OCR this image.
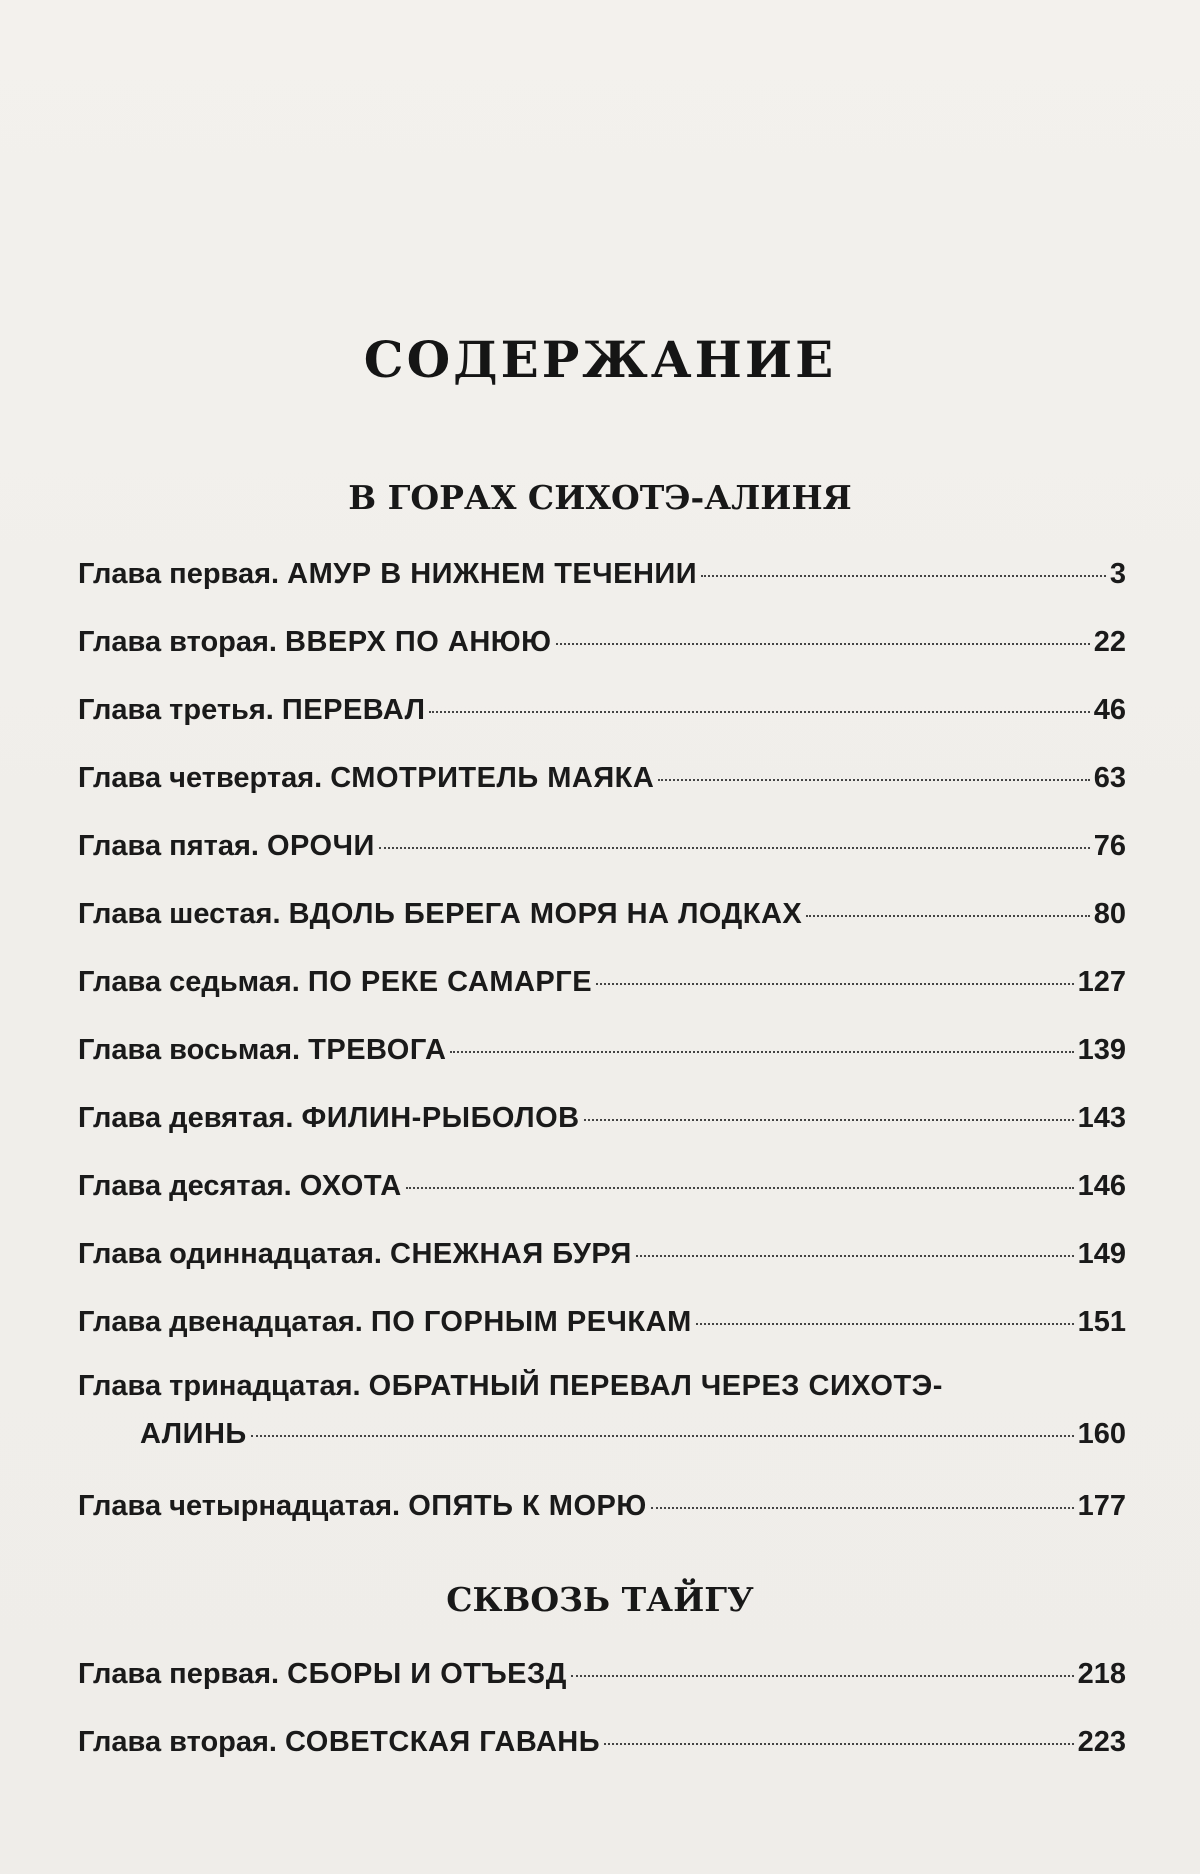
СОДЕРЖАНИЕ
В ГОРАХ СИХОТЭ-АЛИНЯ
Глава первая. АМУР В НИЖНЕМ ТЕЧЕНИИ	3
Глава вторая. ВВЕРХ ПО АНЮЮ	22
Глава третья. ПЕРЕВАЛ	46
Глава четвертая. СМОТРИТЕЛЬ МАЯКА	63
Глава пятая. ОРОЧИ	76
Глава шестая. ВДОЛЬ БЕРЕГА МОРЯ НА ЛОДКАХ	80
Глава седьмая. ПО РЕКЕ САМАРГЕ	127
Глава восьмая. ТРЕВОГА	139
Глава девятая. ФИЛИН-РЫБОЛОВ	143
Глава десятая. ОХОТА	146
Глава одиннадцатая. СНЕЖНАЯ БУРЯ	149
Глава двенадцатая. ПО ГОРНЫМ РЕЧКАМ	151
Глава тринадцатая. ОБРАТНЫЙ ПЕРЕВАЛ ЧЕРЕЗ СИХОТЭ-
АЛИНЬ	160
Глава четырнадцатая. ОПЯТЬ К МОРЮ	177
СКВОЗЬ ТАЙГУ
Глава первая. СБОРЫ И ОТЪЕЗД	218
Глава вторая. СОВЕТСКАЯ ГАВАНЬ	223
